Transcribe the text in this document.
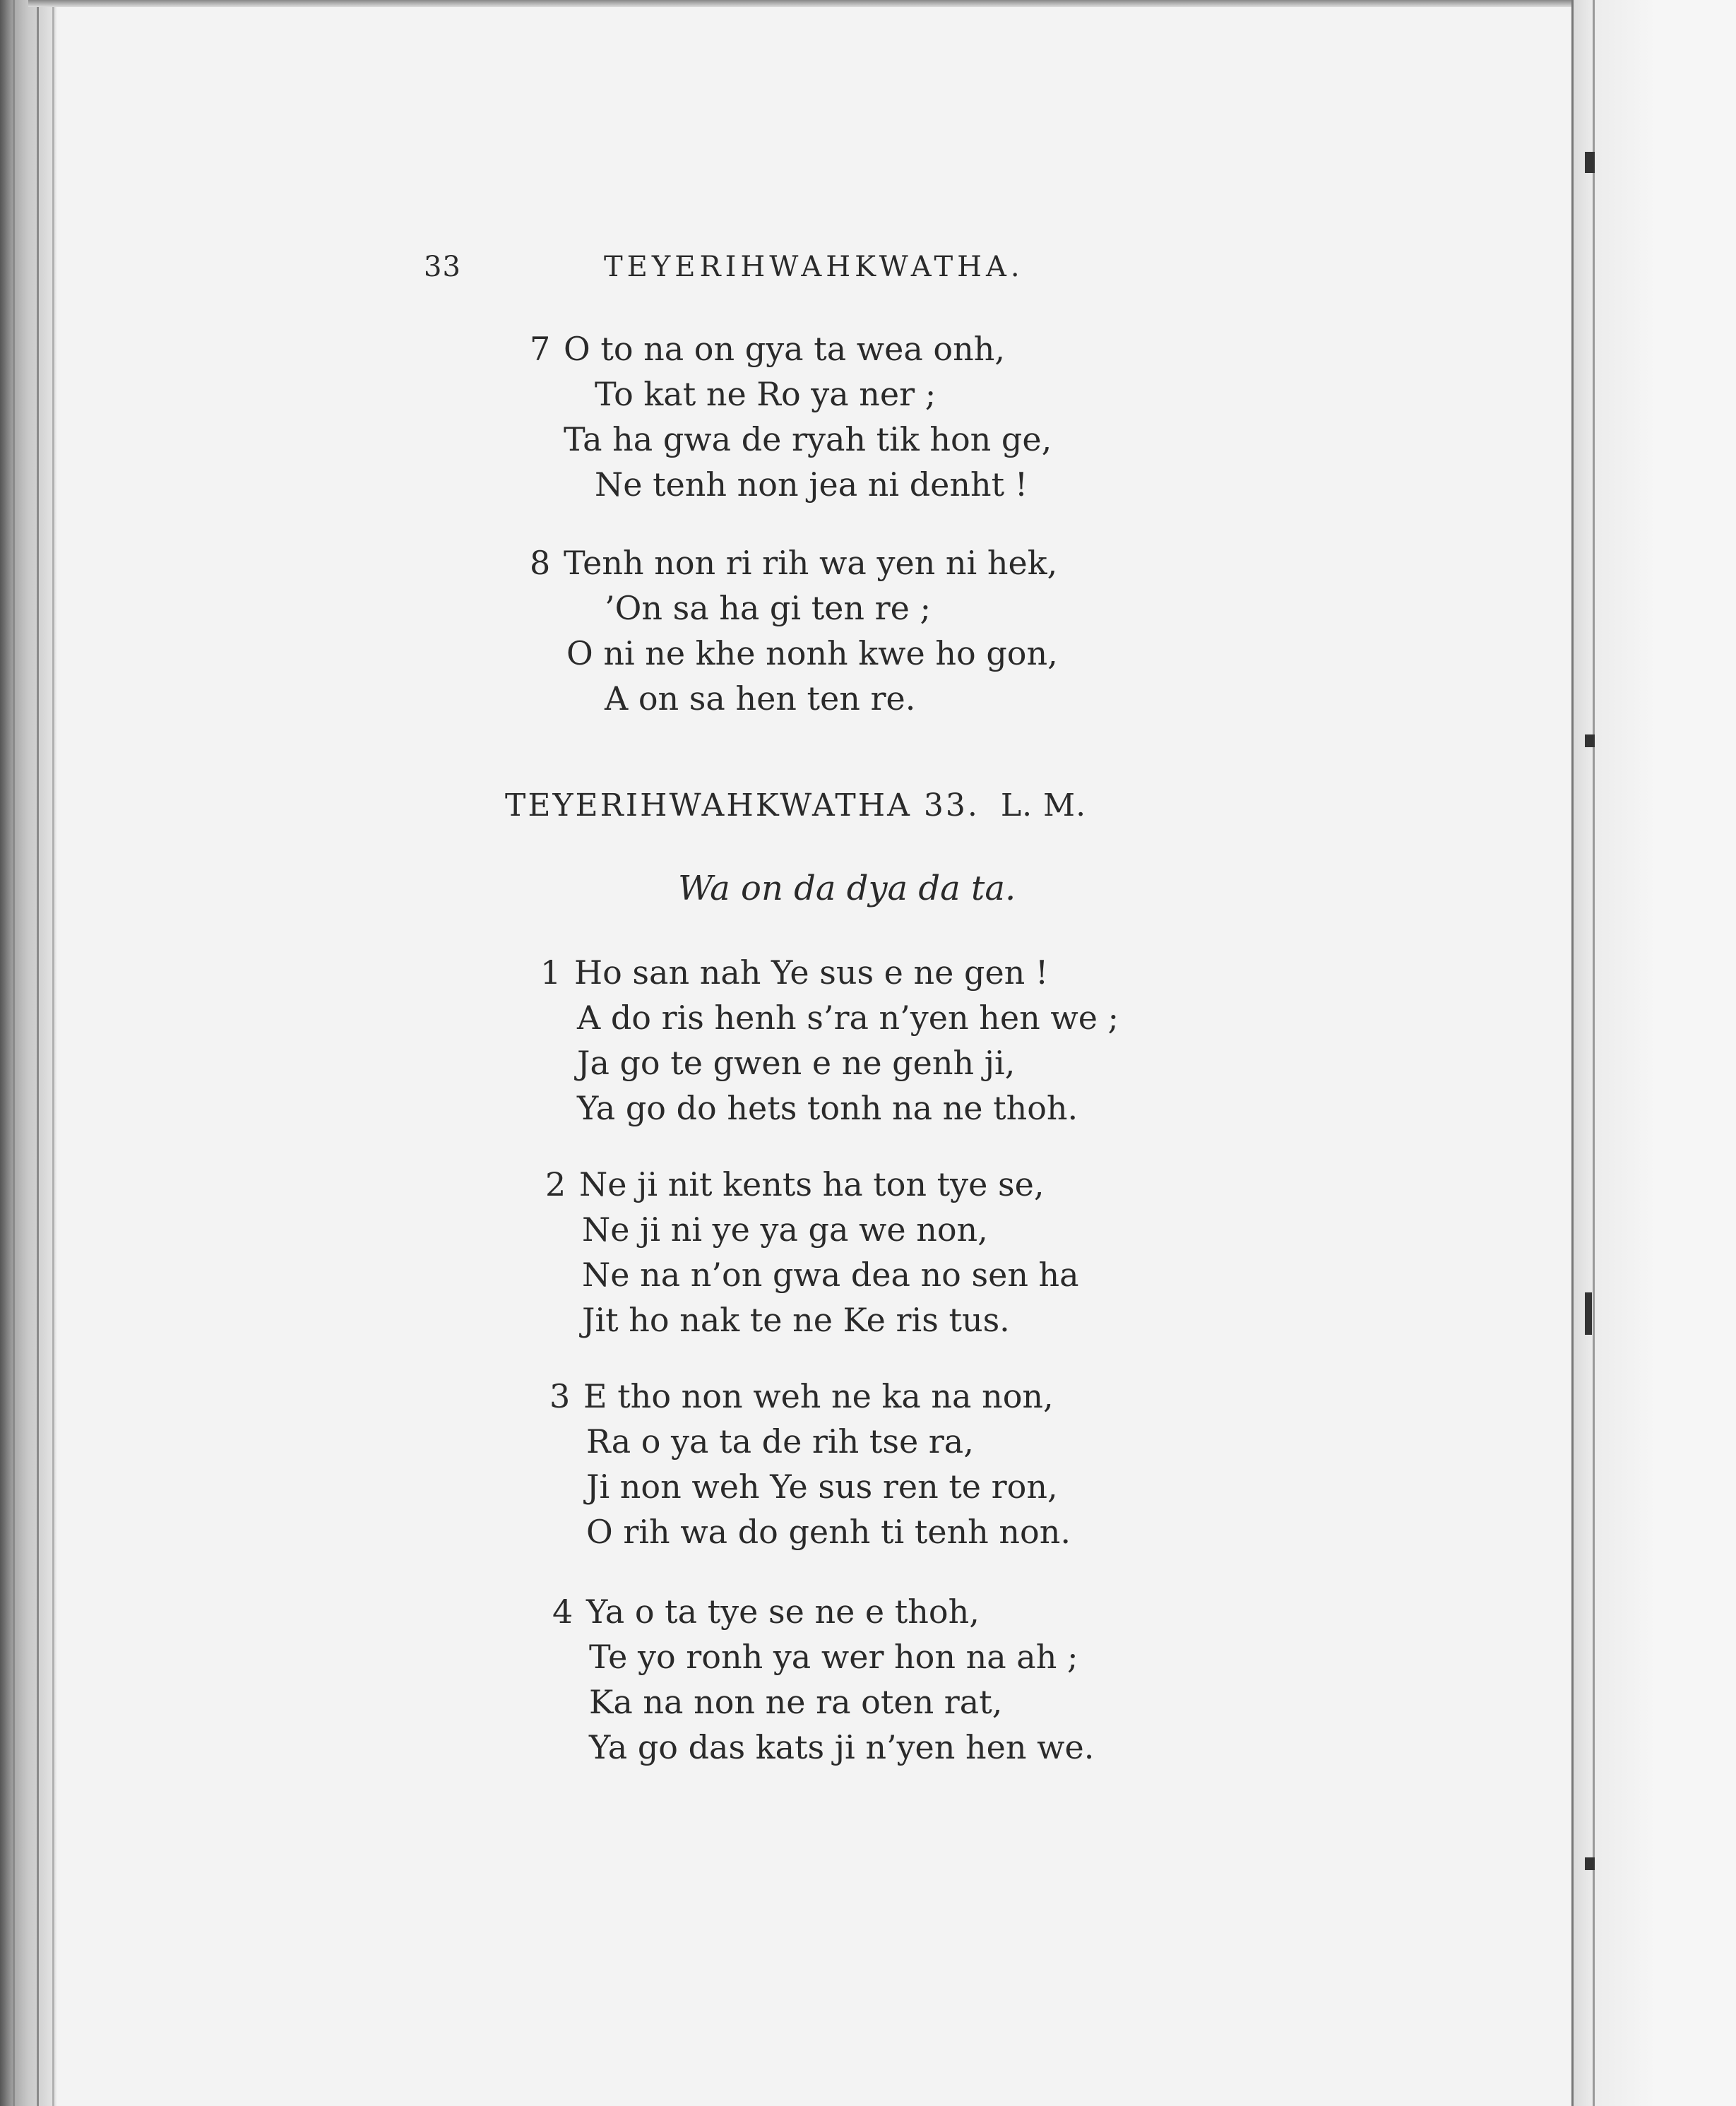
33	TEYERIHWAHKWATHA.
7 O to na on gya ta wea onh,
To kat ne Ro ya ner ;
Ta ha gwa de ryah tik hon ge,
Ne tenh non jea ni denht !
8 Tenh non ri rih wa yen ni hek,
’On sa ha gi ten re ;
O ni ne khe nonh kwe ho gon,
A on sa hen ten re.
TEYERIHWAHKWATHA 33. L. M.
Wa on da dya da ta.
1 Ho san nah Ye sus e ne gen !
A do ris henh s’ra n’yen hen we ;
Ja go te gwen e ne genh ji,
Ya go do hets tonh na ne thoh.
2 Ne ji nit kents ha ton tye se,
Ne ji ni ye ya ga we non,
Ne na n’on gwa dea no sen ha
Jit ho nak te ne Ke ris tus.
3 E tho non weh ne ka na non,
Ra o ya ta de rih tse ra,
Ji non weh Ye sus ren te ron,
O rih wa do genh ti tenh non.
4 Ya o ta tye se ne e thoh,
Te yo ronh ya wer hon na ah ;
Ka na non ne ra oten rat,
Ya go das kats ji n’yen hen we.
